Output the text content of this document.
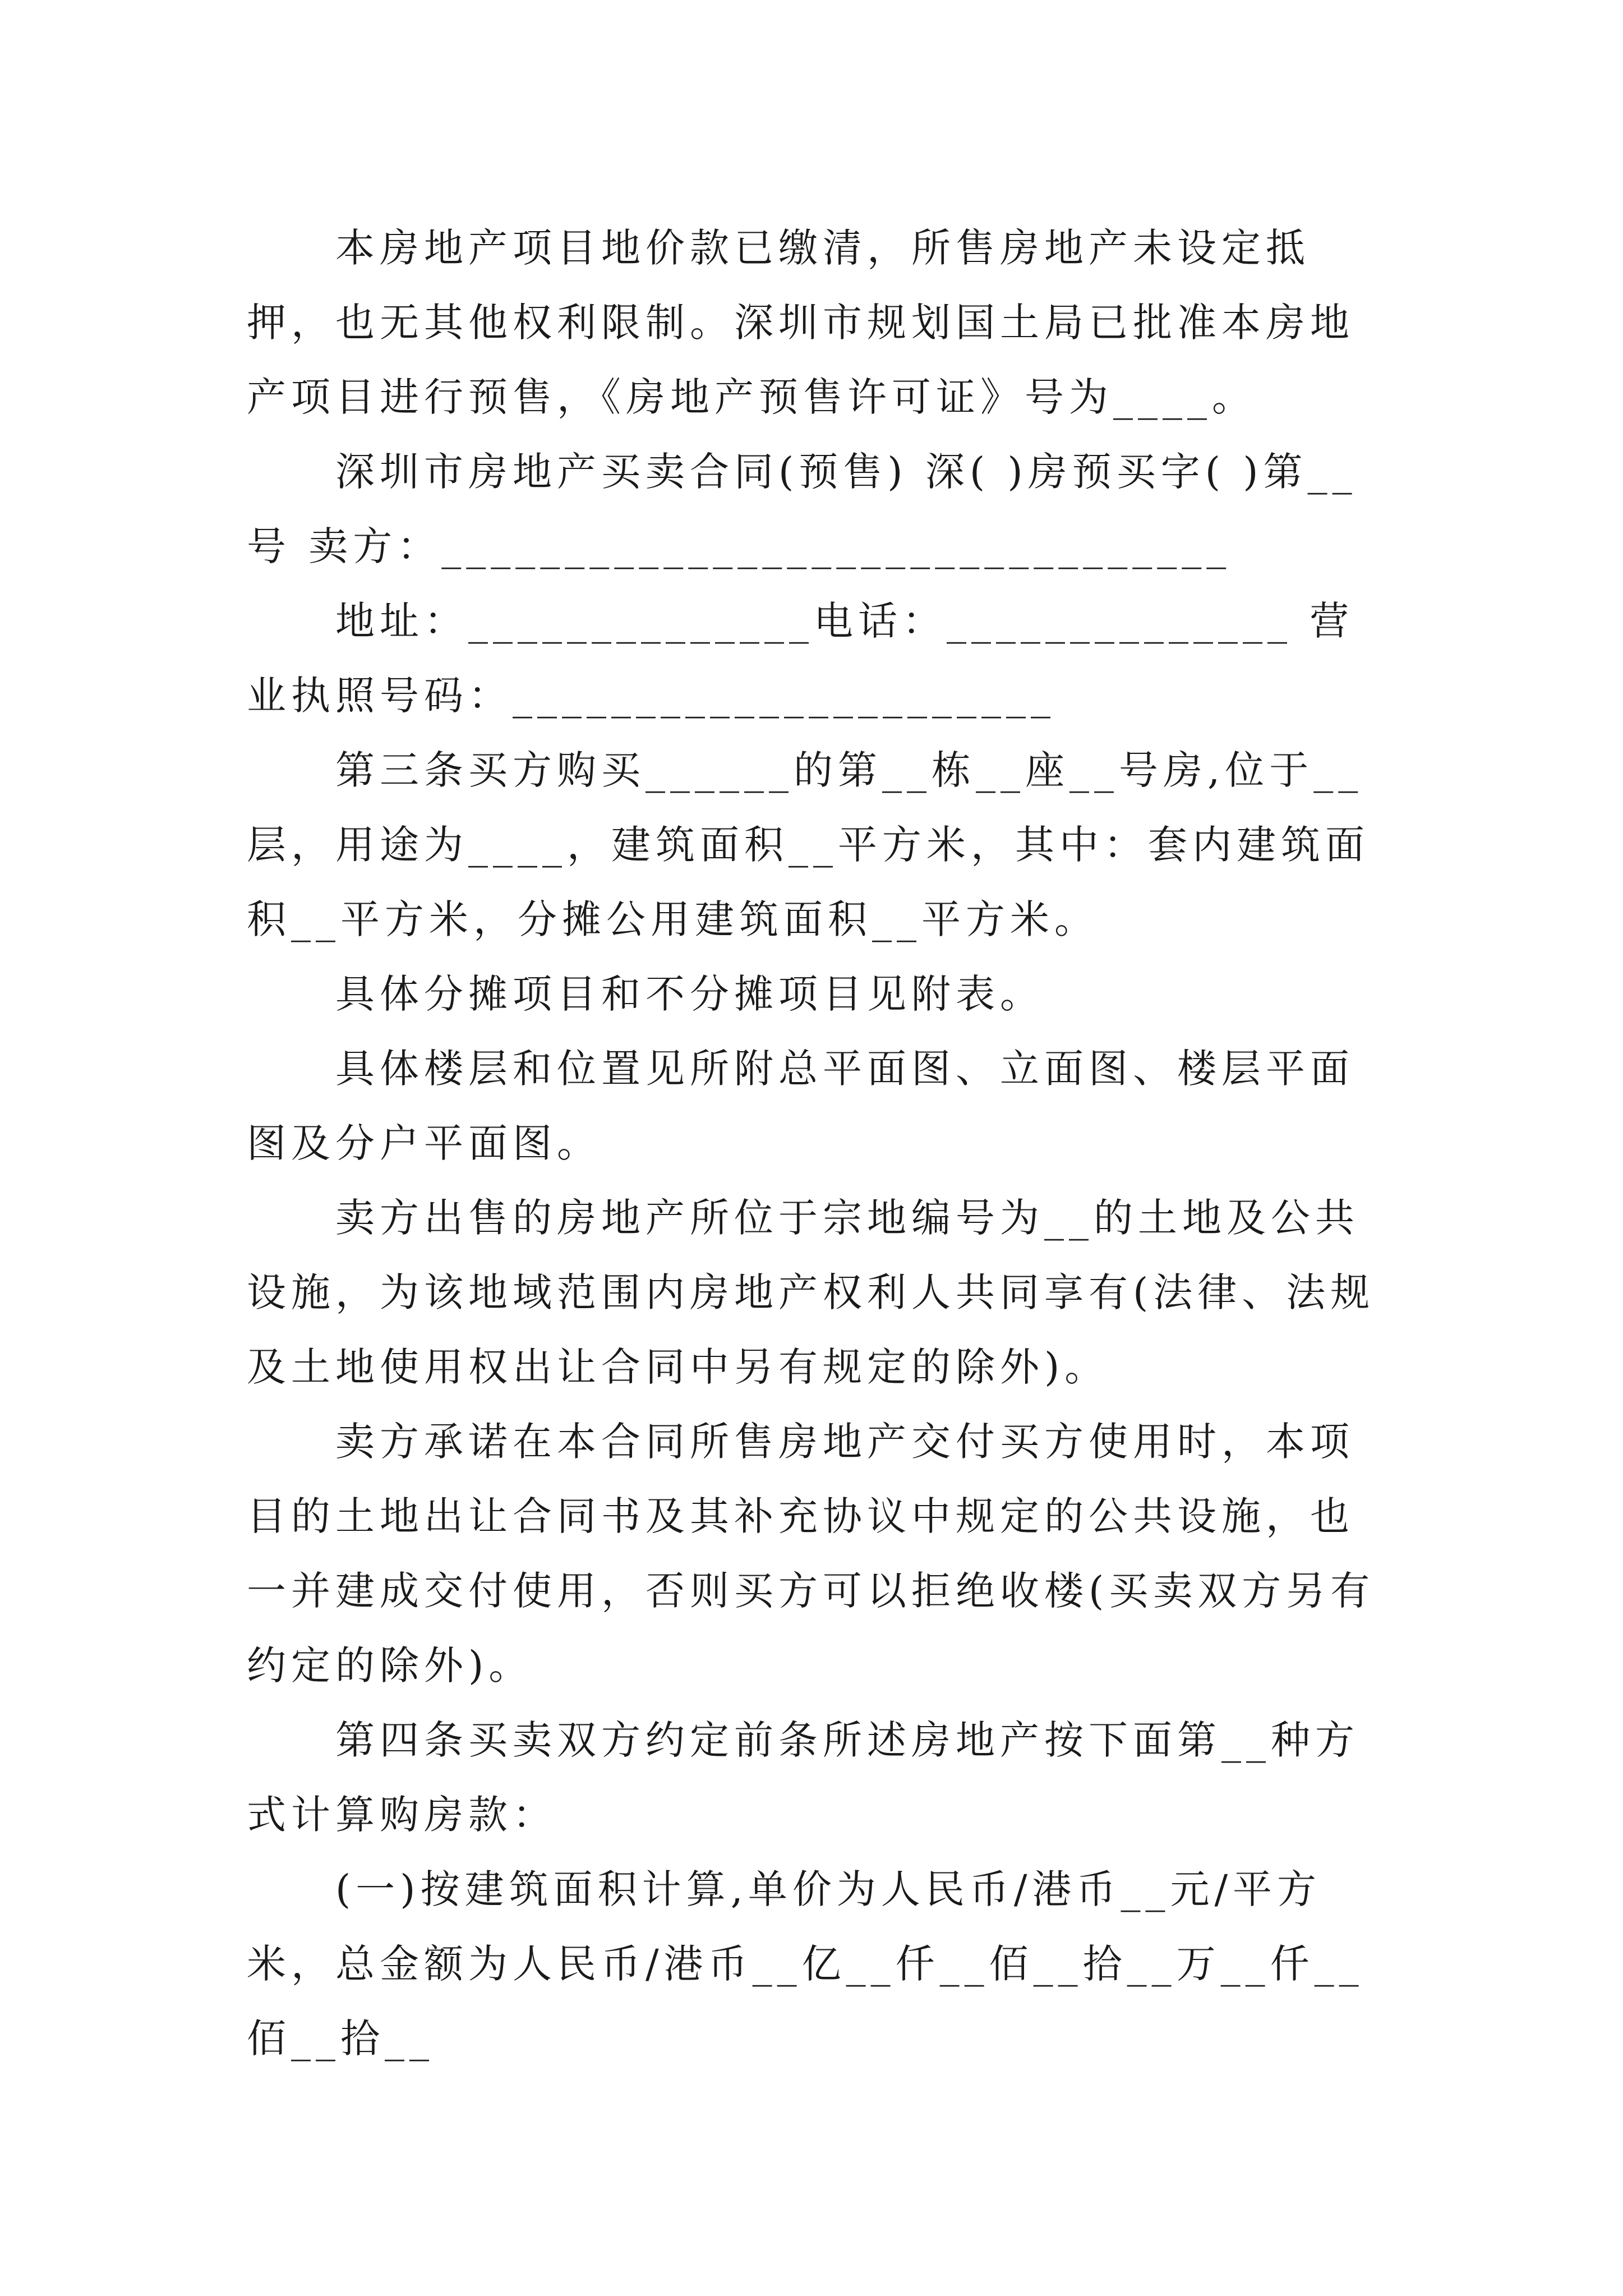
本房地产项目地价款已缴清，所售房地产未设定抵押，也无其他权利限制。深圳市规划国土局已批准本房地产项目进行预售，《房地产预售许可证》号为____。

深圳市房地产买卖合同(预售) 深( )房预买字( )第__号 卖方：________________________________

地址：______________电话：______________ 营业执照号码：______________________

第三条买方购买______的第__栋__座__号房,位于__层，用途为____，建筑面积__平方米，其中：套内建筑面积__平方米，分摊公用建筑面积__平方米。

具体分摊项目和不分摊项目见附表。

具体楼层和位置见所附总平面图、立面图、楼层平面图及分户平面图。

卖方出售的房地产所位于宗地编号为__的土地及公共设施，为该地域范围内房地产权利人共同享有(法律、法规及土地使用权出让合同中另有规定的除外)。

卖方承诺在本合同所售房地产交付买方使用时，本项目的土地出让合同书及其补充协议中规定的公共设施，也一并建成交付使用，否则买方可以拒绝收楼(买卖双方另有约定的除外)。

第四条买卖双方约定前条所述房地产按下面第__种方式计算购房款：

(一)按建筑面积计算,单价为人民币/港币__元/平方米，总金额为人民币/港币__亿__仟__佰__拾__万__仟__佰__拾__
